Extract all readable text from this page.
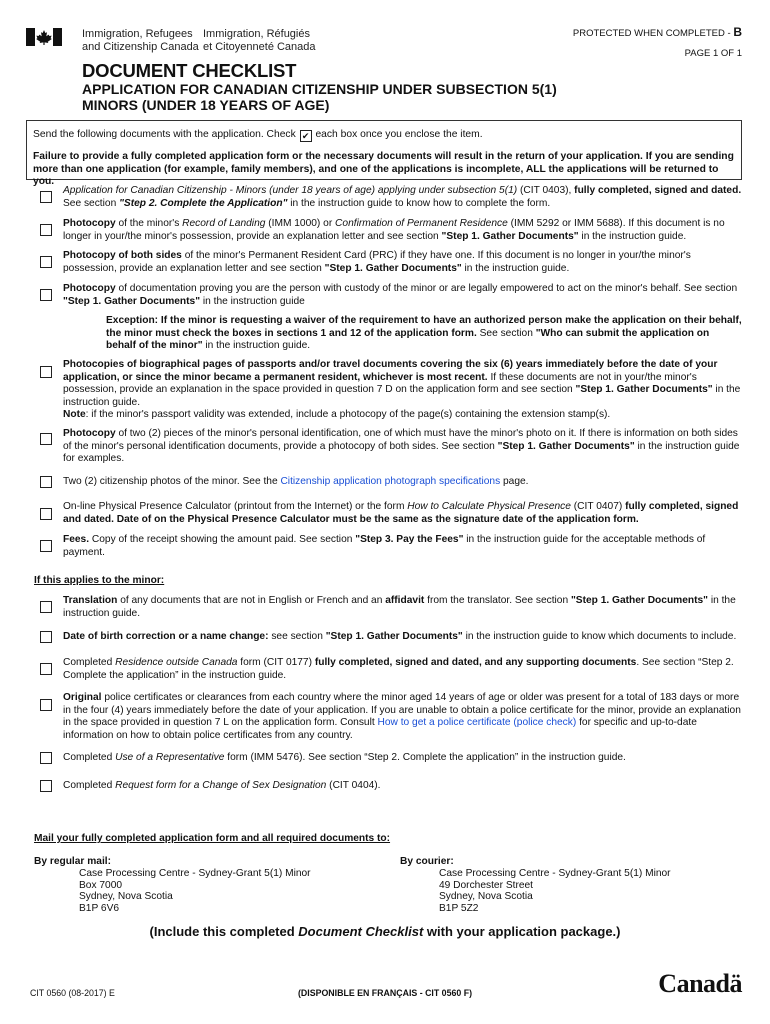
Immigration, Refugees
and Citizenship Canada
Immigration, Réfugiés
et Citoyenneté Canada
PROTECTED WHEN COMPLETED - B
PAGE 1 OF 1
DOCUMENT CHECKLIST
APPLICATION FOR CANADIAN CITIZENSHIP UNDER SUBSECTION 5(1)
MINORS (UNDER 18 YEARS OF AGE)
Send the following documents with the application. Check ✔ each box once you enclose the item.
Failure to provide a fully completed application form or the necessary documents will result in the return of your application. If you are sending more than one application (for example, family members), and one of the applications is incomplete, ALL the applications will be returned to you.
Application for Canadian Citizenship - Minors (under 18 years of age) applying under subsection 5(1) (CIT 0403), fully completed, signed and dated.
See section "Step 2. Complete the Application" in the instruction guide to know how to complete the form.
Photocopy of the minor's Record of Landing (IMM 1000) or Confirmation of Permanent Residence (IMM 5292 or IMM 5688). If this document is no longer in your/the minor's possession, provide an explanation letter and see section "Step 1. Gather Documents" in the instruction guide.
Photocopy of both sides of the minor's Permanent Resident Card (PRC) if they have one. If this document is no longer in your/the minor's possession, provide an explanation letter and see section "Step 1. Gather Documents" in the instruction guide.
Photocopy of documentation proving you are the person with custody of the minor or are legally empowered to act on the minor's behalf. See section "Step 1. Gather Documents" in the instruction guide
Exception: If the minor is requesting a waiver of the requirement to have an authorized person make the application on their behalf, the minor must check the boxes in sections 1 and 12 of the application form. See section "Who can submit the application on behalf of the minor" in the instruction guide.
Photocopies of biographical pages of passports and/or travel documents covering the six (6) years immediately before the date of your application, or since the minor became a permanent resident, whichever is most recent. If these documents are not in your/the minor's possession, provide an explanation in the space provided in question 7 D on the application form and see section "Step 1. Gather Documents" in the instruction guide.
Note: if the minor's passport validity was extended, include a photocopy of the page(s) containing the extension stamp(s).
Photocopy of two (2) pieces of the minor's personal identification, one of which must have the minor's photo on it. If there is information on both sides of the minor's personal identification documents, provide a photocopy of both sides. See section "Step 1. Gather Documents" in the instruction guide for examples.
Two (2) citizenship photos of the minor. See the Citizenship application photograph specifications page.
On-line Physical Presence Calculator (printout from the Internet) or the form How to Calculate Physical Presence (CIT 0407) fully completed, signed and dated. Date of on the Physical Presence Calculator must be the same as the signature date of the application form.
Fees. Copy of the receipt showing the amount paid. See section "Step 3. Pay the Fees" in the instruction guide for the acceptable methods of payment.
If this applies to the minor:
Translation of any documents that are not in English or French and an affidavit from the translator. See section "Step 1. Gather Documents" in the instruction guide.
Date of birth correction or a name change: see section "Step 1. Gather Documents" in the instruction guide to know which documents to include.
Completed Residence outside Canada form (CIT 0177) fully completed, signed and dated, and any supporting documents. See section “Step 2. Complete the application” in the instruction guide.
Original police certificates or clearances from each country where the minor aged 14 years of age or older was present for a total of 183 days or more in the four (4) years immediately before the date of your application. If you are unable to obtain a police certificate for the minor, provide an explanation in the space provided in question 7 L on the application form. Consult How to get a police certificate (police check) for specific and up-to-date information on how to obtain police certificates from any country.
Completed Use of a Representative form (IMM 5476). See section “Step 2. Complete the application” in the instruction guide.
Completed Request form for a Change of Sex Designation (CIT 0404).
Mail your fully completed application form and all required documents to:
By regular mail:
Case Processing Centre - Sydney-Grant 5(1) Minor
Box 7000
Sydney, Nova Scotia
B1P 6V6
By courier:
Case Processing Centre - Sydney-Grant 5(1) Minor
49 Dorchester Street
Sydney, Nova Scotia
B1P 5Z2
(Include this completed Document Checklist with your application package.)
CIT 0560 (08-2017) E	(DISPONIBLE EN FRANÇAIS - CIT 0560 F)	Canadä
